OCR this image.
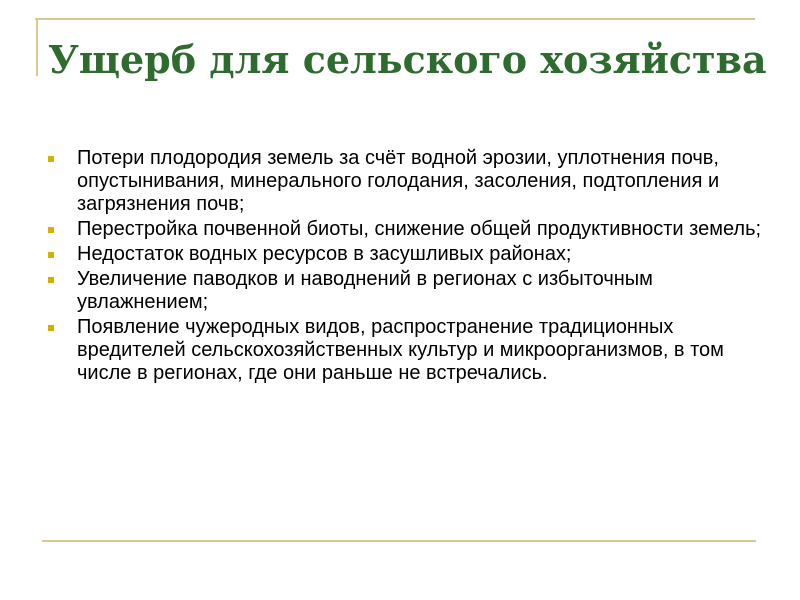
Ущерб для сельского хозяйства
Потери плодородия земель за счёт водной эрозии, уплотнения почв, опустынивания, минерального голодания, засоления, подтопления и загрязнения почв;
Перестройка почвенной биоты, снижение общей продуктивности земель;
Недостаток водных ресурсов в засушливых районах;
Увеличение паводков и наводнений в регионах с избыточным увлажнением;
Появление чужеродных видов, распространение традиционных вредителей сельскохозяйственных культур и микроорганизмов, в том числе в регионах, где они раньше не встречались.
